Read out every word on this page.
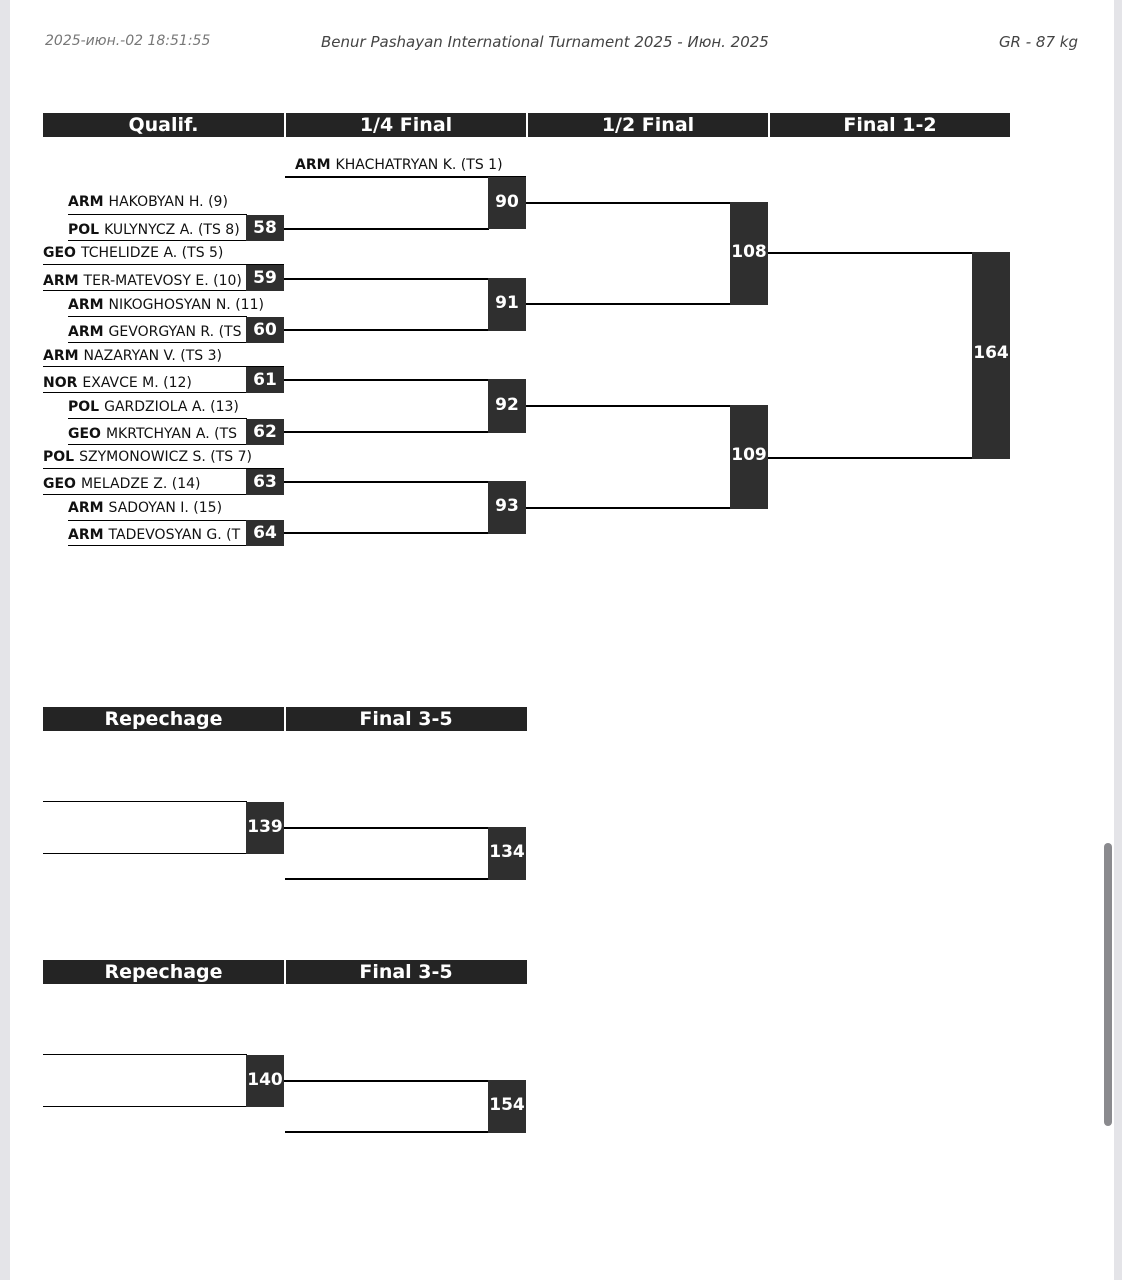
2025-июн.-02 18:51:55	Benur Pashayan International Turnament 2025 - Июн. 2025	GR - 87 kg
Qualif.	1/4 Final	1/2 Final	Final 1-2
ARM KHACHATRYAN K. (TS 1)
ARM HAKOBYAN H. (9)
POL KULYNYCZ A. (TS 8)
GEO TCHELIDZE A. (TS 5)
ARM TER-MATEVOSY E. (10)
ARM NIKOGHOSYAN N. (11)
ARM GEVORGYAN R. (TS
ARM NAZARYAN V. (TS 3)
NOR EXAVCE M. (12)
POL GARDZIOLA A. (13)
GEO MKRTCHYAN A. (TS
POL SZYMONOWICZ S. (TS 7)
GEO MELADZE Z. (14)
ARM SADOYAN I. (15)
ARM TADEVOSYAN G. (T
58
59
60
61
62
63
64
90
91
92
93
108
109
164
Repechage	Final 3-5
139
134
Repechage	Final 3-5
140
154
